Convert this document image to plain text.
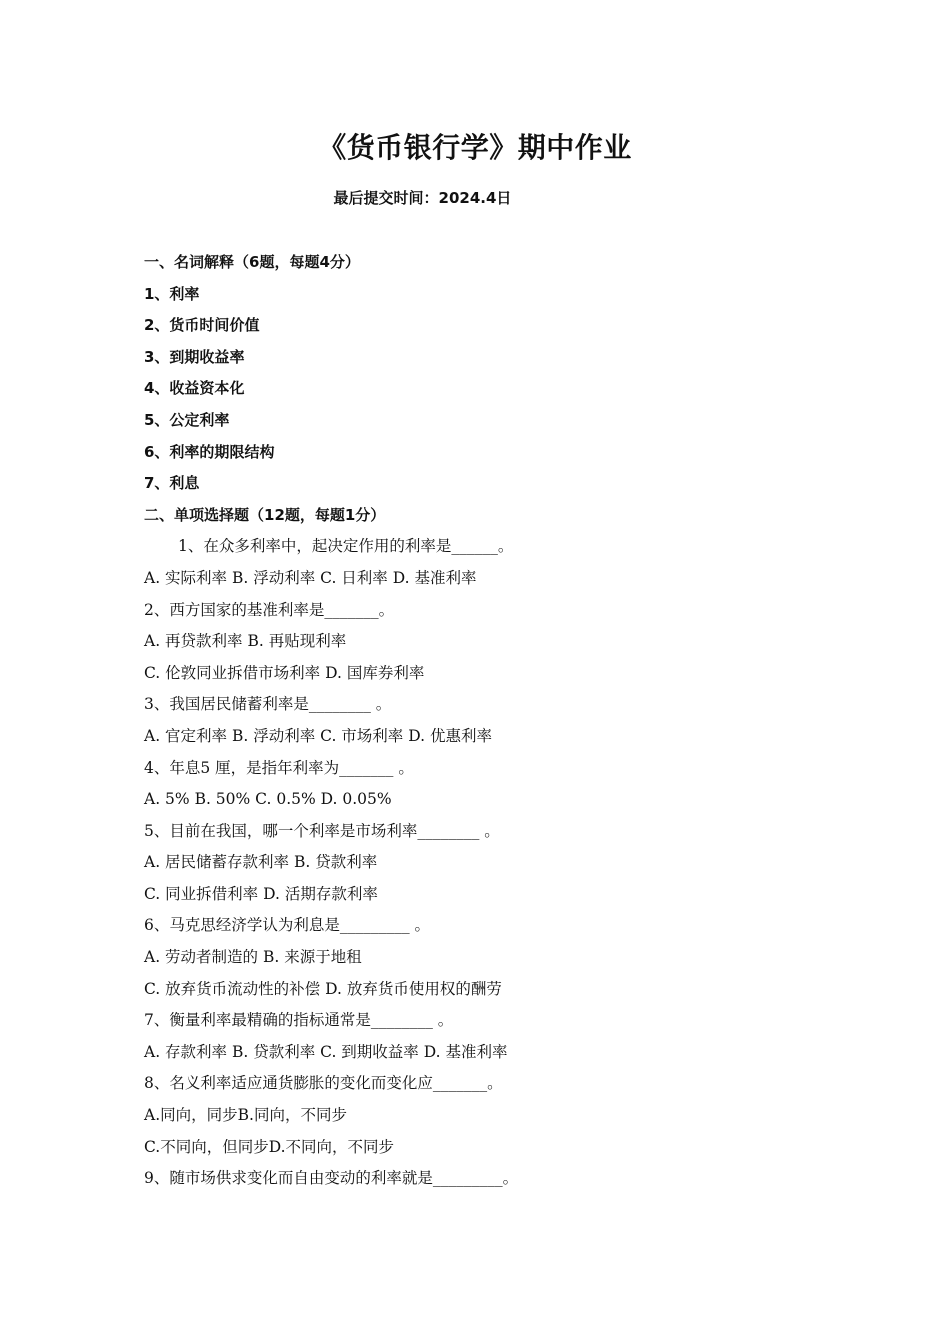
《货币银行学》期中作业
最后提交时间：2024.4日
一、名词解释（6题，每题4分）
1、利率
2、货币时间价值
3、到期收益率
4、收益资本化
5、公定利率
6、利率的期限结构
7、利息
二、单项选择题（12题，每题1分）
1、在众多利率中，起决定作用的利率是______。
A. 实际利率 B. 浮动利率 C. 日利率 D. 基准利率
2、西方国家的基准利率是_______。
A. 再贷款利率 B. 再贴现利率
C. 伦敦同业拆借市场利率 D. 国库券利率
3、我国居民储蓄利率是________ 。
A. 官定利率 B. 浮动利率 C. 市场利率 D. 优惠利率
4、年息5 厘，是指年利率为_______ 。
A. 5% B. 50% C. 0.5% D. 0.05%
5、目前在我国，哪一个利率是市场利率________ 。
A. 居民储蓄存款利率 B. 贷款利率
C. 同业拆借利率 D. 活期存款利率
6、马克思经济学认为利息是_________ 。
A. 劳动者制造的 B. 来源于地租
C. 放弃货币流动性的补偿 D. 放弃货币使用权的酬劳
7、衡量利率最精确的指标通常是________ 。
A. 存款利率 B. 贷款利率 C. 到期收益率 D. 基准利率
8、名义利率适应通货膨胀的变化而变化应_______。
A.同向，同步B.同向，不同步
C.不同向，但同步D.不同向，不同步
9、随市场供求变化而自由变动的利率就是_________。
